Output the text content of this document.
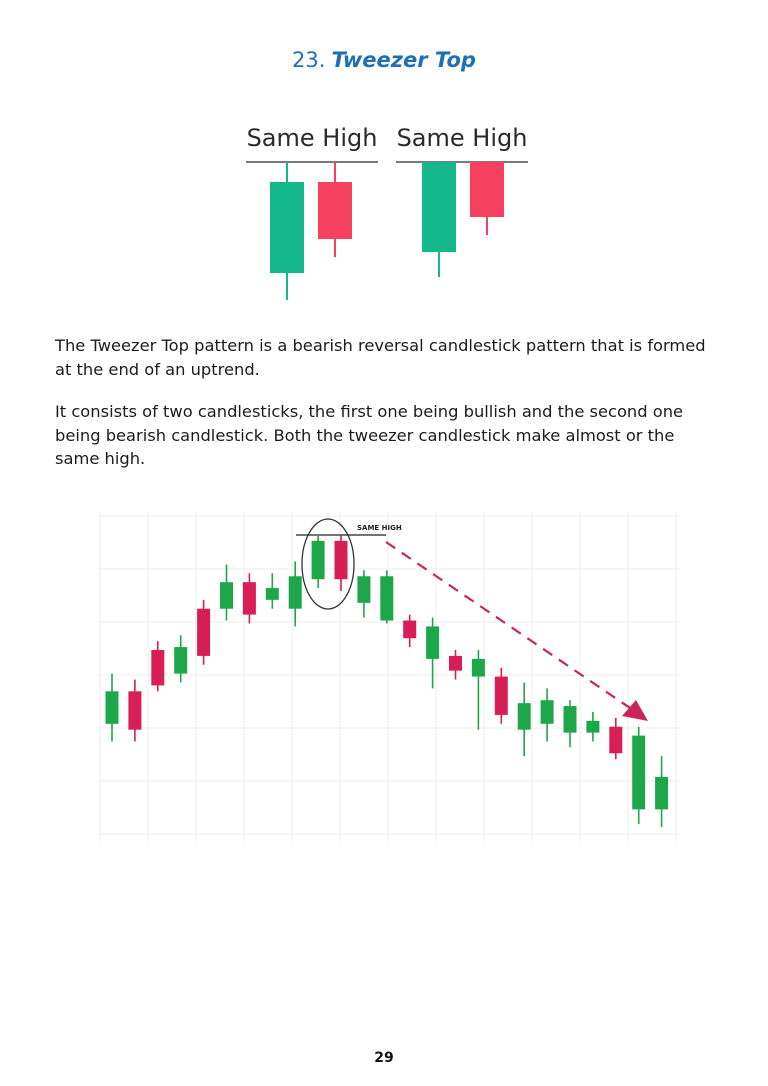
23. Tweezer Top
Same High Same High

The Tweezer Top pattern is a bearish reversal candlestick pattern that is formed at the end of an uptrend.

It consists of two candlesticks, the first one being bullish and the second one being bearish candlestick. Both the tweezer candlestick make almost or the same high.

SAME HIGH
29
